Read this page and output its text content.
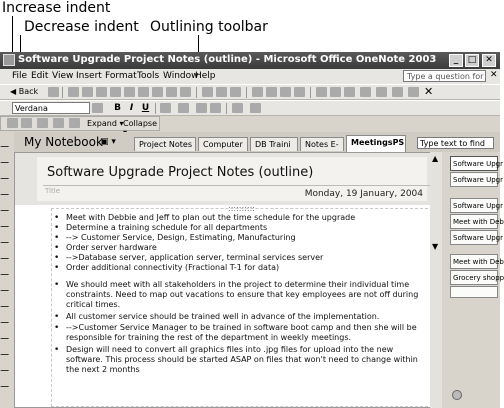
Increase indent
Decrease indent Outlining toolbar
Software Upgrade Project Notes (outline) - Microsoft Office OneNote 2003	_	□ ✕
File Edit View Insert Format Tools Window
Help	Type a question for ✕
◀ Back	✕
Verdana	B I U
Expand ▾ Collapse
My Notebook
▣ ▾	Project Notes	Computer	DB Traini	Notes E-	MeetingsPS	Type text to find
Software Upgrade Project Notes (outline)
Title	Monday, 19 January, 2004
::::::::::
• Meet with Debbie and Jeff to plan out the time schedule for the upgrade
• Determine a training schedule for all departments
• --> Customer Service, Design, Estimating, Manufacturing
• Order server hardware
• -->Database server, application server, terminal services server
• Order additional connectivity (Fractional T-1 for data)
• We should meet with all stakeholders in the project to determine their individual time constraints. Need to map out vacations to ensure that key employees are not off during critical times.
• All customer service should be trained well in advance of the implementation.
• -->Customer Service Manager to be trained in software boot camp and then she will be responsible for training the rest of the department in weekly meetings.
• Design will need to convert all graphics files into .jpg files for upload into the new software. This process should be started ASAP on files that won't need to change within the next 2 months
▲
▼
Software Upgr
Software Upgr
Software Upgr
Meet with Deb
Software Upgr
Meet with Deb
Grocery shopp
